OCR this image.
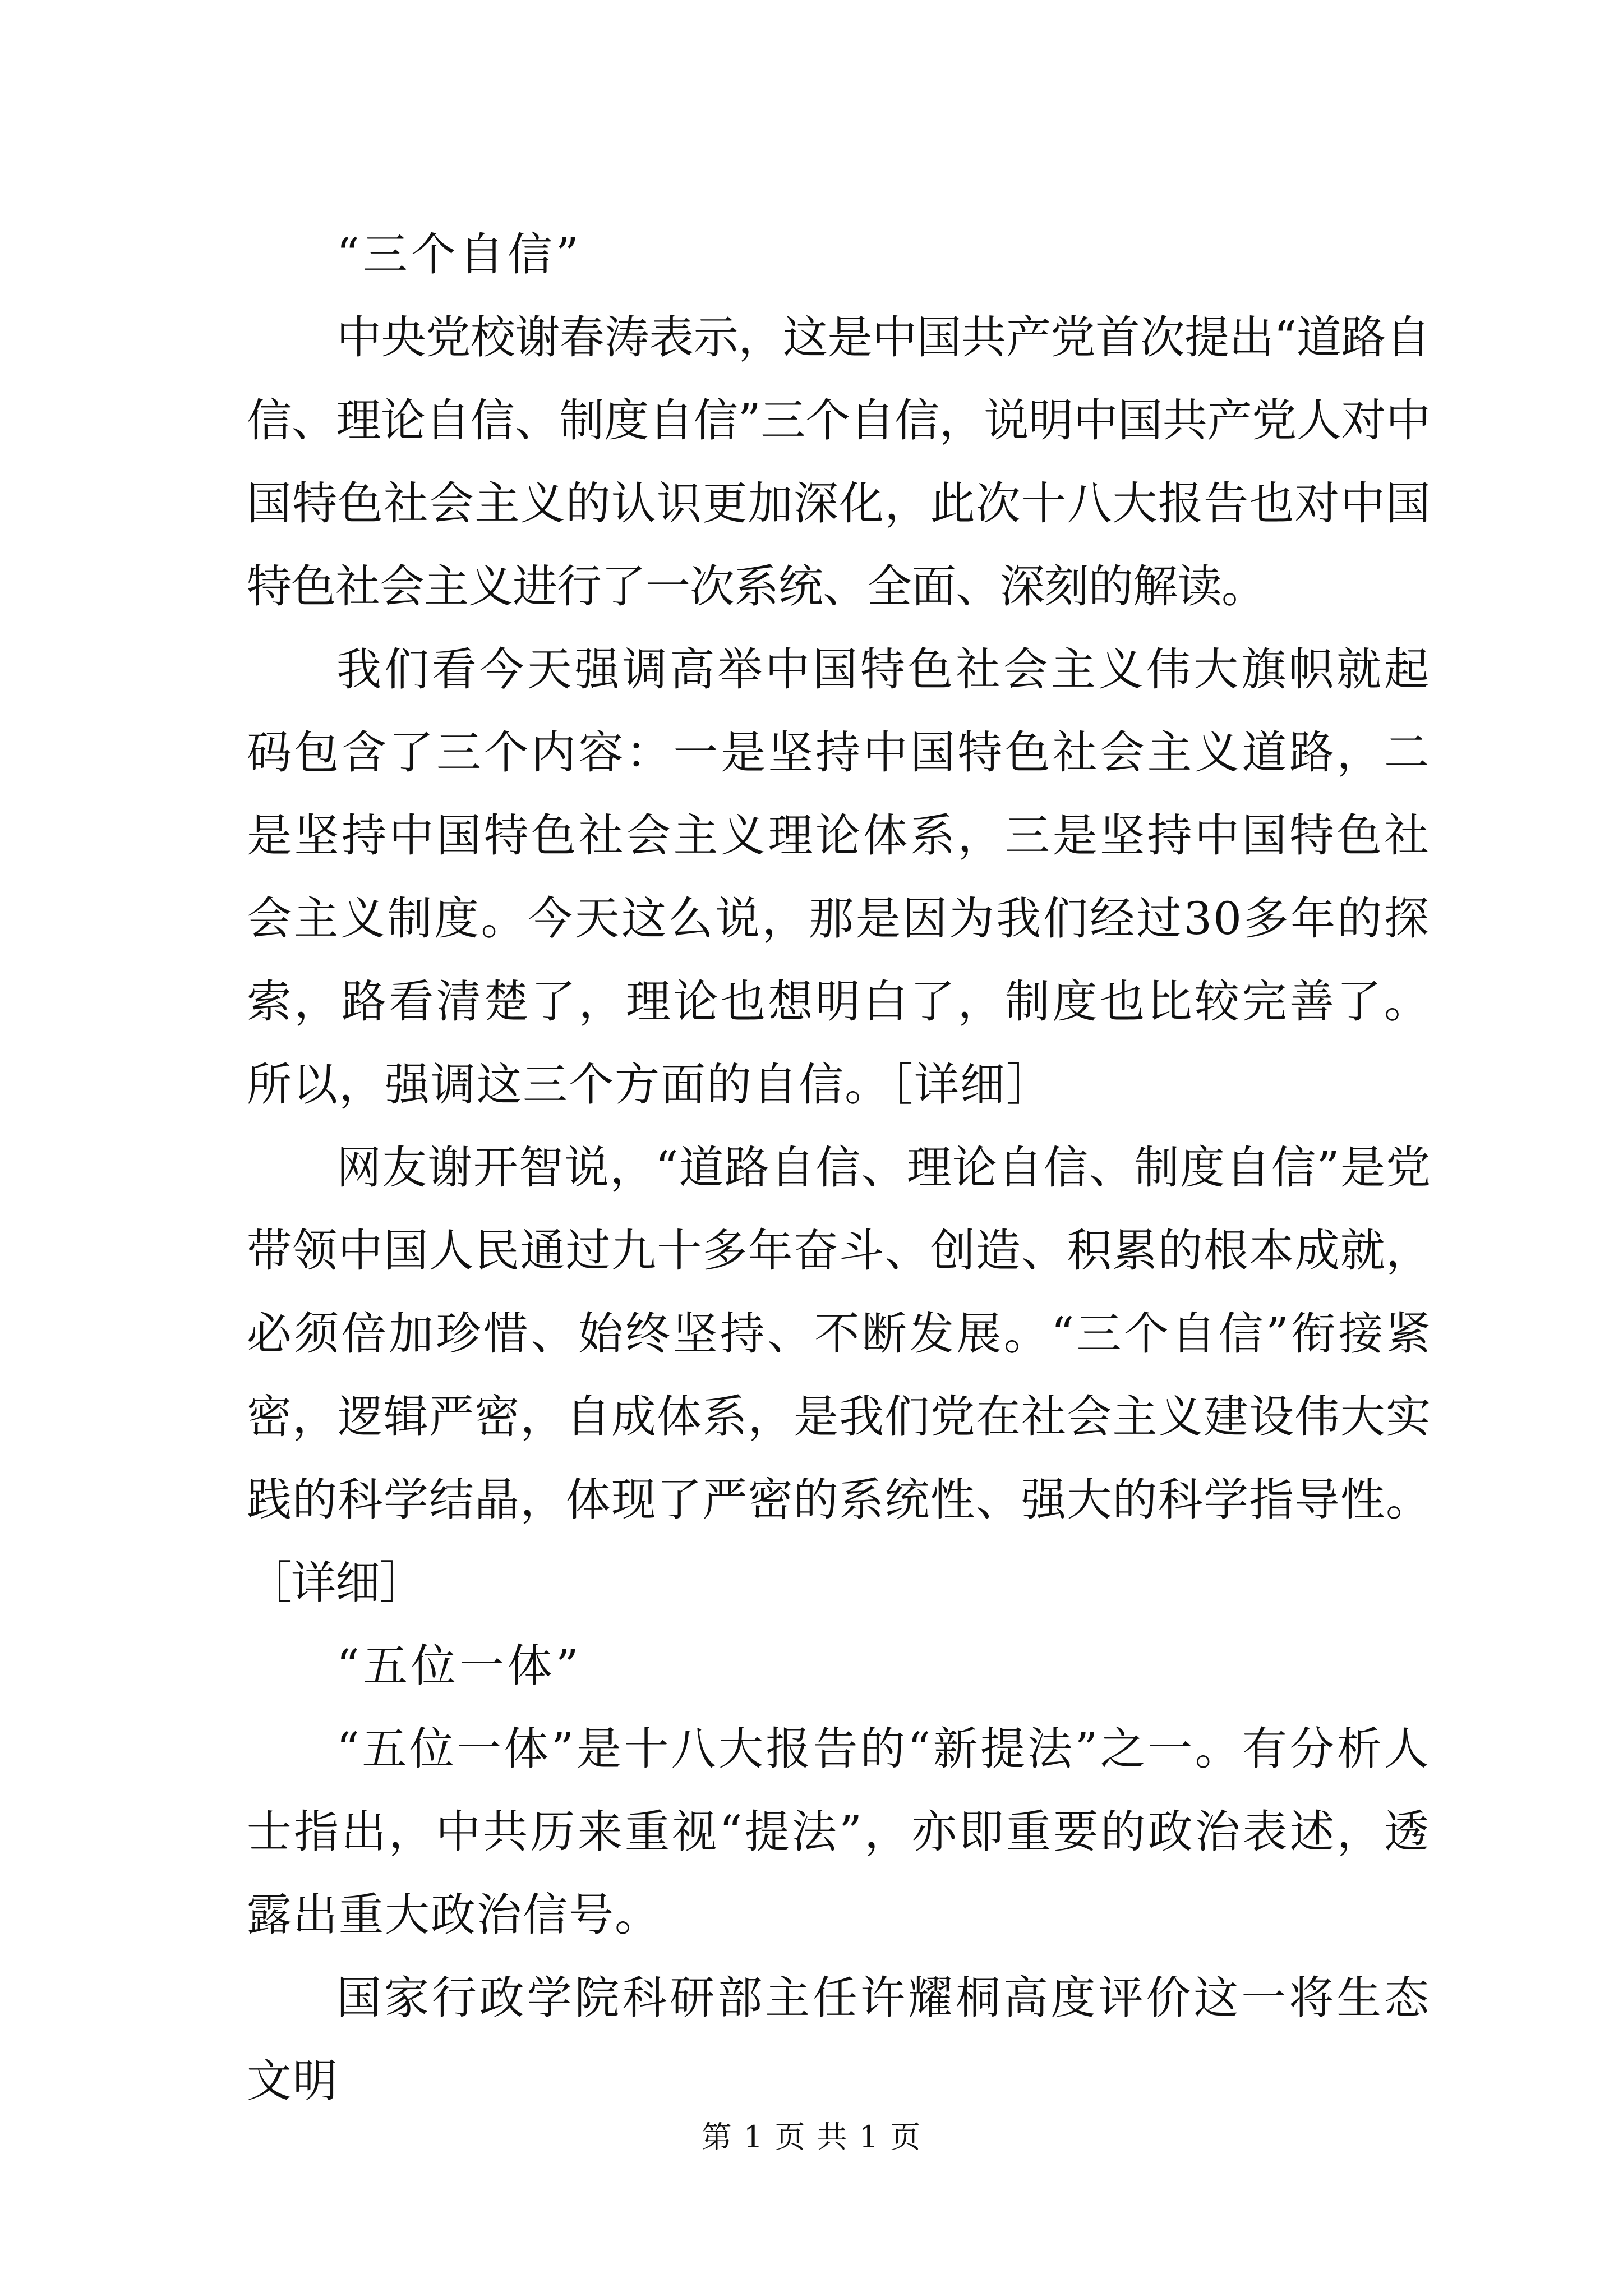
“三个自信”

中央党校谢春涛表示，这是中国共产党首次提出“道路自信、理论自信、制度自信”三个自信，说明中国共产党人对中国特色社会主义的认识更加深化，此次十八大报告也对中国特色社会主义进行了一次系统、全面、深刻的解读。

我们看今天强调高举中国特色社会主义伟大旗帜就起码包含了三个内容：一是坚持中国特色社会主义道路，二是坚持中国特色社会主义理论体系，三是坚持中国特色社会主义制度。今天这么说，那是因为我们经过30多年的探索，路看清楚了，理论也想明白了，制度也比较完善了。所以，强调这三个方面的自信。［详细］

网友谢开智说，“道路自信、理论自信、制度自信”是党带领中国人民通过九十多年奋斗、创造、积累的根本成就，必须倍加珍惜、始终坚持、不断发展。“三个自信”衔接紧密，逻辑严密，自成体系，是我们党在社会主义建设伟大实践的科学结晶，体现了严密的系统性、强大的科学指导性。［详细］

“五位一体”

“五位一体”是十八大报告的“新提法”之一。有分析人士指出，中共历来重视“提法”，亦即重要的政治表述，透露出重大政治信号。

国家行政学院科研部主任许耀桐高度评价这一将生态文明

第 1 页 共 1 页
